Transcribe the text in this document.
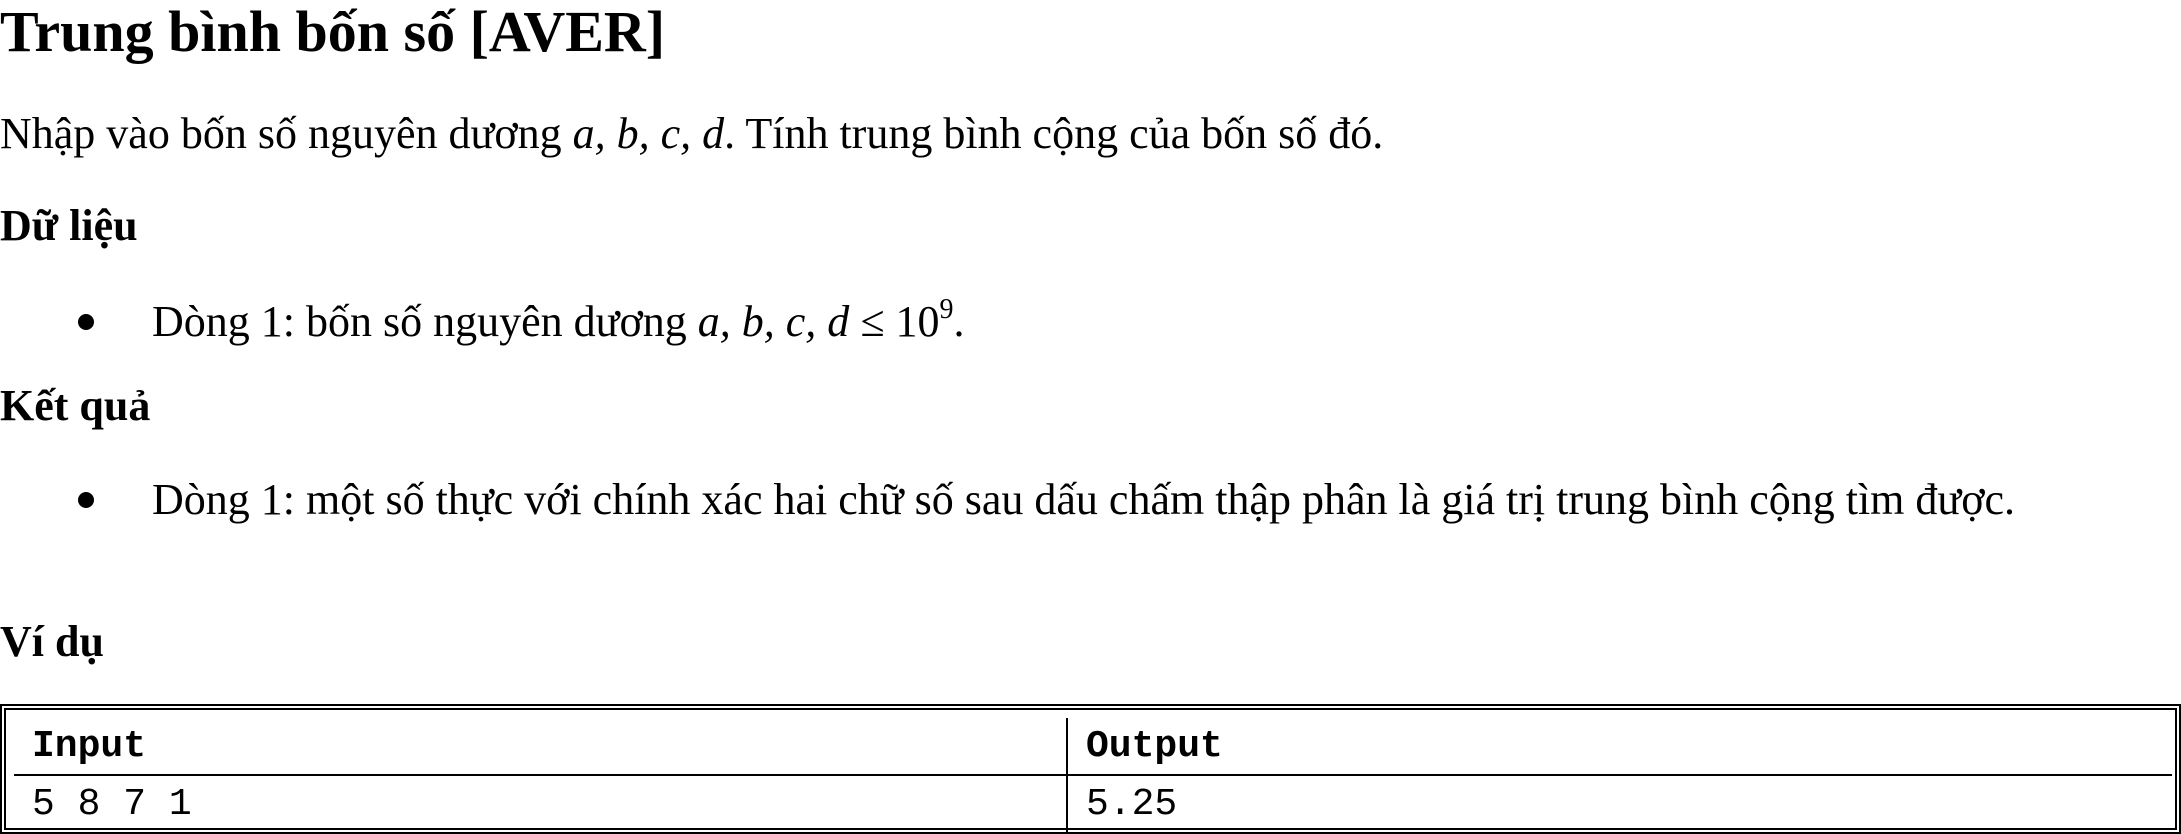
Trung bình bốn số [AVER]

Nhập vào bốn số nguyên dương a, b, c, d. Tính trung bình cộng của bốn số đó.

Dữ liệu

Dòng 1: bốn số nguyên dương a, b, c, $d \le 10^9$.

Kết quả

Dòng 1: một số thực với chính xác hai chữ số sau dấu chấm thập phân là giá trị trung bình cộng tìm được.

Ví dụ

Input	Output
5 8 7 1	5.25
